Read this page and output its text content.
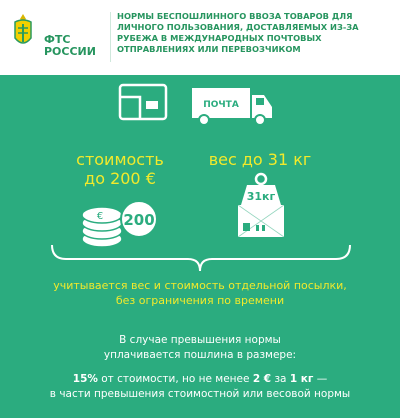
ФТС РОССИИ
НОРМЫ БЕСПОШЛИННОГО ВВОЗА ТОВАРОВ ДЛЯ ЛИЧНОГО ПОЛЬЗОВАНИЯ, ДОСТАВЛЯЕМЫХ ИЗ-ЗА РУБЕЖА В МЕЖДУНАРОДНЫХ ПОЧТОВЫХ ОТПРАВЛЕНИЯХ ИЛИ ПЕРЕВОЗЧИКОМ
ПОЧТА
€ 200
31кг
стоимость
до 200 €
вес до 31 кг
учитывается вес и стоимость отдельной посылки,
без ограничения по времени
В случае превышения нормы
уплачивается пошлина в размере:
15% от стоимости, но не менее 2 € за 1 кг —
в части превышения стоимостной или весовой нормы
